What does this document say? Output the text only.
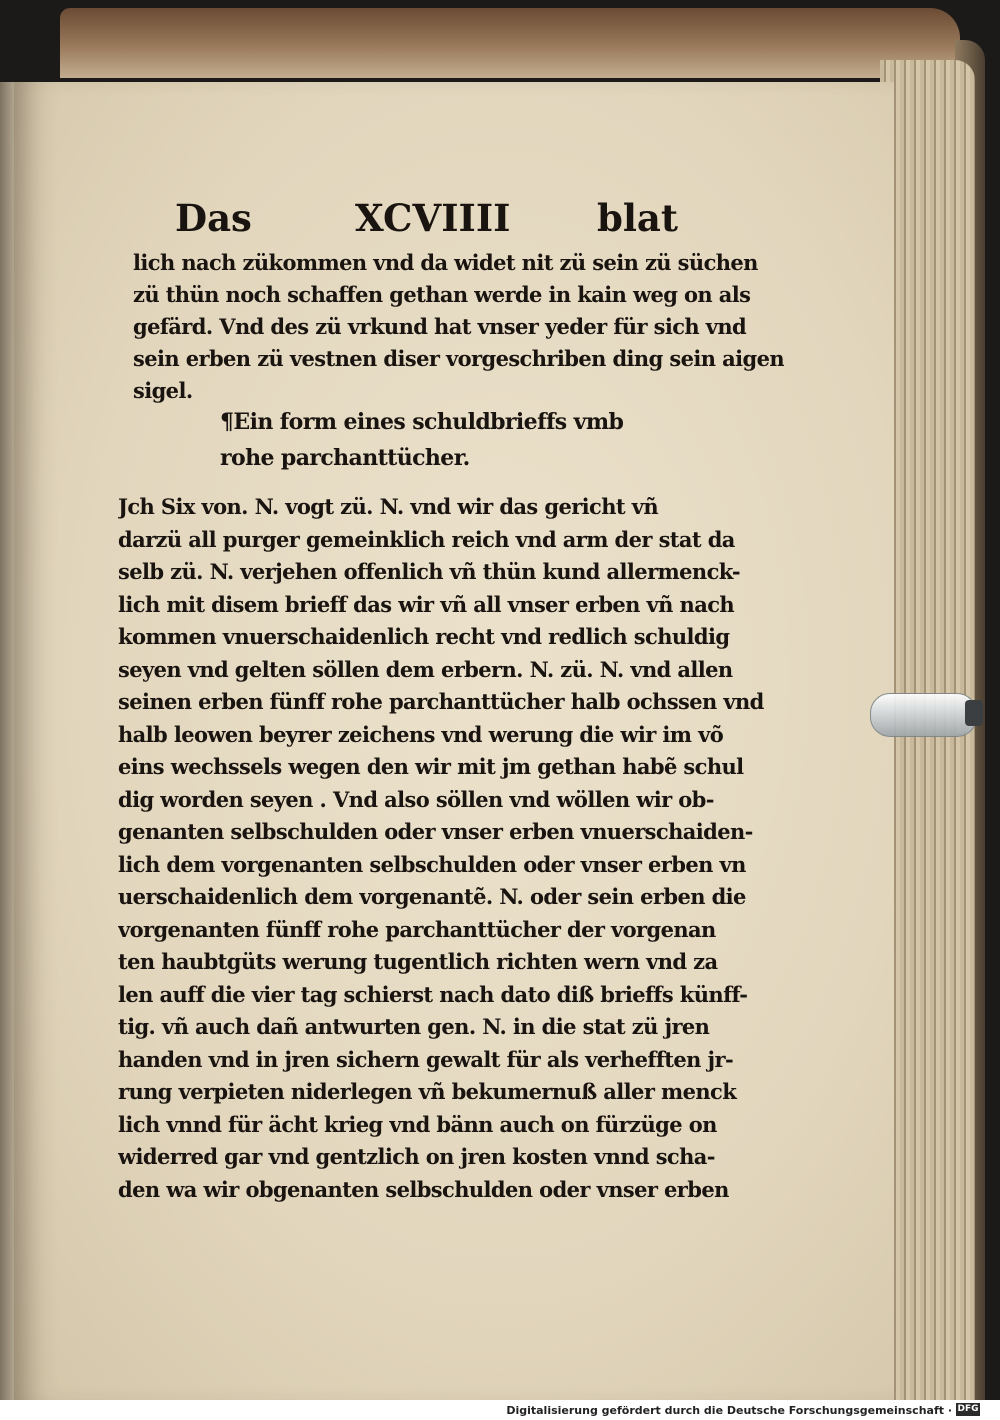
Das	XCVIIII blat
lich nach zükommen vnd da widet nit zü sein zü süchen
zü thün noch schaffen gethan werde in kain weg on als
gefärd. Vnd des zü vrkund hat vnser yeder für sich vnd
sein erben zü vestnen diser vorgeschriben ding sein aigen
sigel.
¶Ein form eines schuldbrieffs vmb
rohe parchanttücher.
Jch Six von. N. vogt zü. N. vnd wir das gericht vñ
darzü all purger gemeinklich reich vnd arm der stat da
selb zü. N. verjehen offenlich vñ thün kund allermenck-
lich mit disem brieff das wir vñ all vnser erben vñ nach
kommen vnuerschaidenlich recht vnd redlich schuldig
seyen vnd gelten söllen dem erbern. N. zü. N. vnd allen
seinen erben fünff rohe parchanttücher halb ochssen vnd
halb leowen beyrer zeichens vnd werung die wir im võ
eins wechssels wegen den wir mit jm gethan habẽ schul
dig worden seyen . Vnd also söllen vnd wöllen wir ob-
genanten selbschulden oder vnser erben vnuerschaiden-
lich dem vorgenanten selbschulden oder vnser erben vn
uerschaidenlich dem vorgenantẽ. N. oder sein erben die
vorgenanten fünff rohe parchanttücher der vorgenan
ten haubtgüts werung tugentlich richten wern vnd za
len auff die vier tag schierst nach dato diß brieffs künff-
tig. vñ auch dañ antwurten gen. N. in die stat zü jren
handen vnd in jren sichern gewalt für als verhefften jr-
rung verpieten niderlegen vñ bekumernuß aller menck
lich vnnd für ächt krieg vnd bänn auch on fürzüge on
widerred gar vnd gentzlich on jren kosten vnnd scha-
den wa wir obgenanten selbschulden oder vnser erben
Digitalisierung gefördert durch die Deutsche Forschungsgemeinschaft · DFG
